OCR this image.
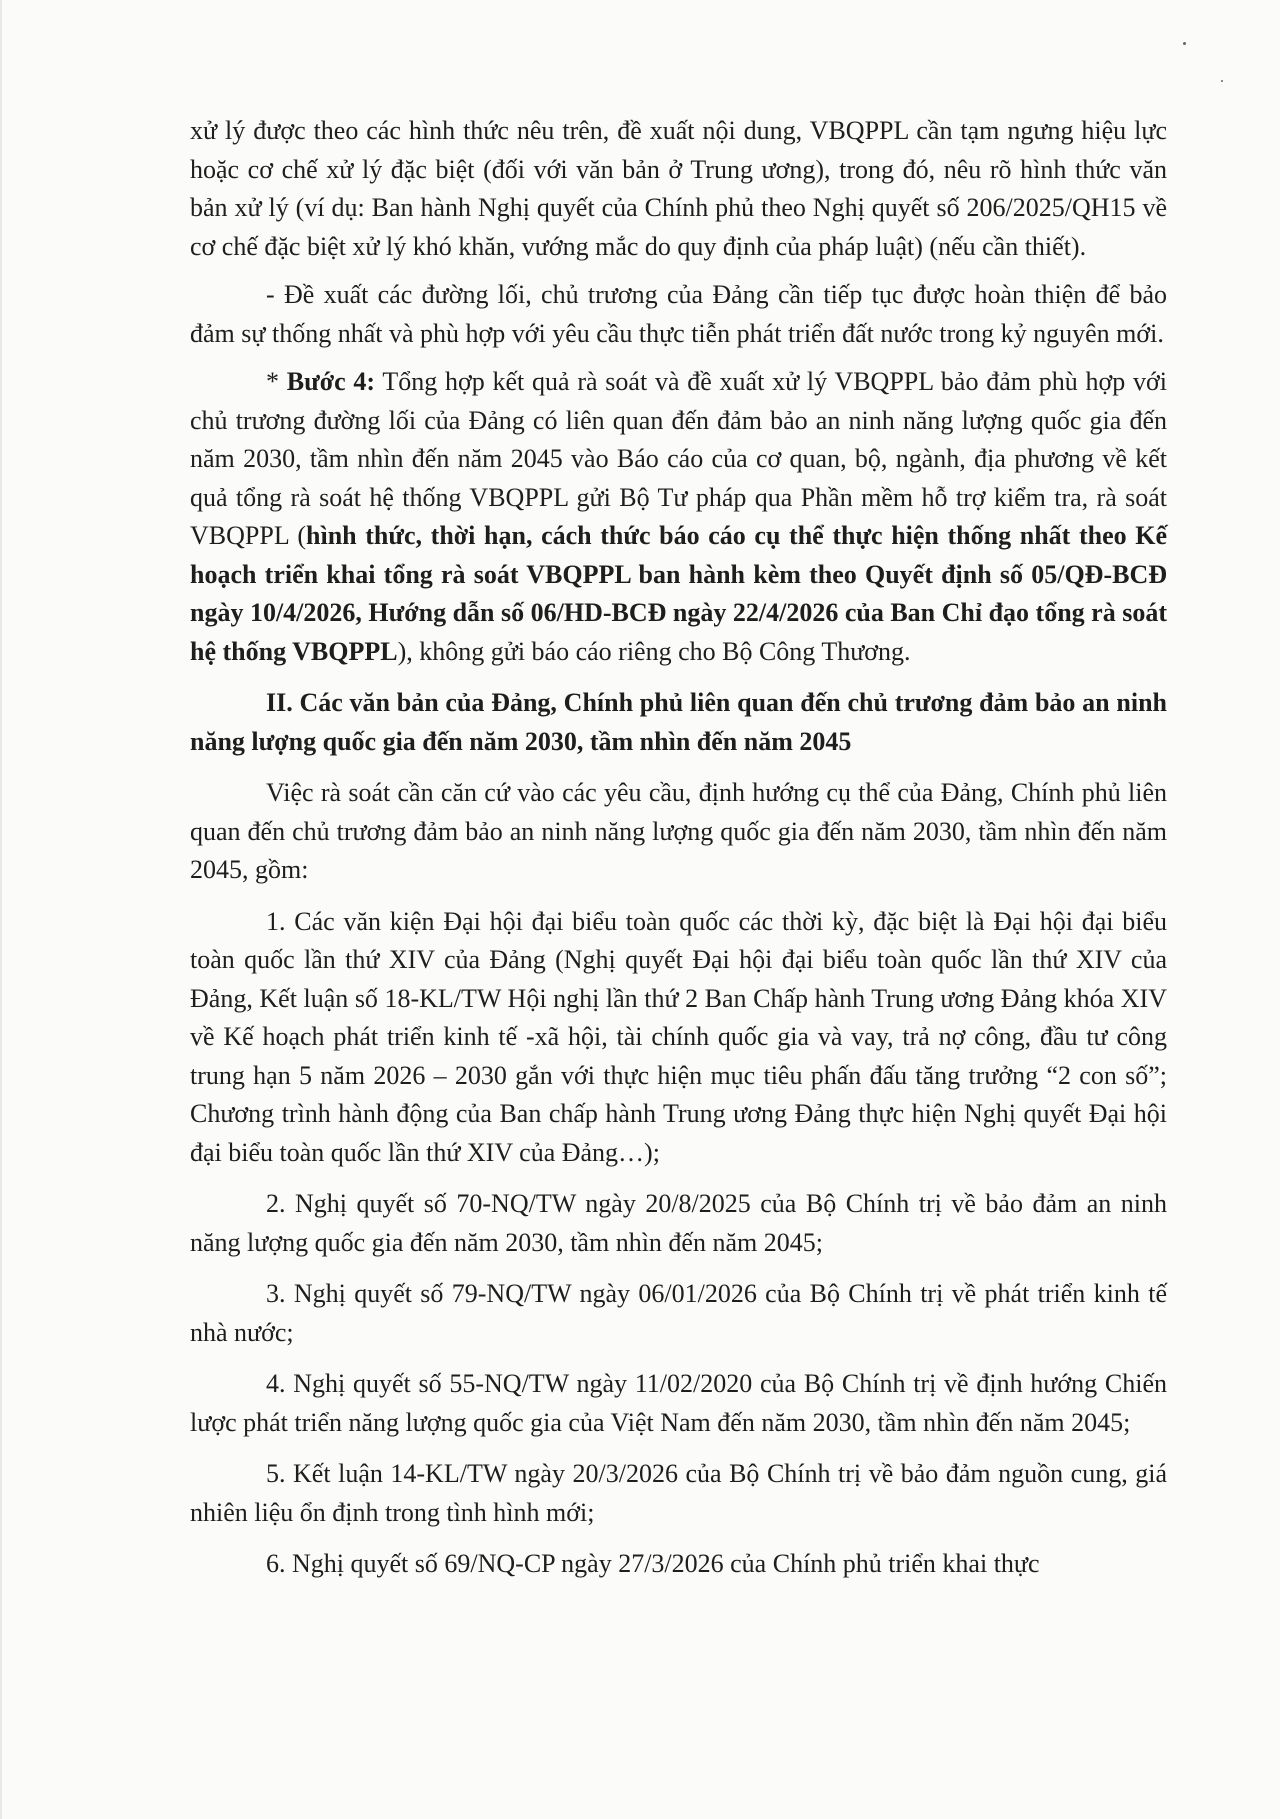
xử lý được theo các hình thức nêu trên, đề xuất nội dung, VBQPPL cần tạm ngưng hiệu lực hoặc cơ chế xử lý đặc biệt (đối với văn bản ở Trung ương), trong đó, nêu rõ hình thức văn bản xử lý (ví dụ: Ban hành Nghị quyết của Chính phủ theo Nghị quyết số 206/2025/QH15 về cơ chế đặc biệt xử lý khó khăn, vướng mắc do quy định của pháp luật) (nếu cần thiết).

- Đề xuất các đường lối, chủ trương của Đảng cần tiếp tục được hoàn thiện để bảo đảm sự thống nhất và phù hợp với yêu cầu thực tiễn phát triển đất nước trong kỷ nguyên mới.

* Bước 4: Tổng hợp kết quả rà soát và đề xuất xử lý VBQPPL bảo đảm phù hợp với chủ trương đường lối của Đảng có liên quan đến đảm bảo an ninh năng lượng quốc gia đến năm 2030, tầm nhìn đến năm 2045 vào Báo cáo của cơ quan, bộ, ngành, địa phương về kết quả tổng rà soát hệ thống VBQPPL gửi Bộ Tư pháp qua Phần mềm hỗ trợ kiểm tra, rà soát VBQPPL (hình thức, thời hạn, cách thức báo cáo cụ thể thực hiện thống nhất theo Kế hoạch triển khai tổng rà soát VBQPPL ban hành kèm theo Quyết định số 05/QĐ-BCĐ ngày 10/4/2026, Hướng dẫn số 06/HD-BCĐ ngày 22/4/2026 của Ban Chỉ đạo tổng rà soát hệ thống VBQPPL), không gửi báo cáo riêng cho Bộ Công Thương.

II. Các văn bản của Đảng, Chính phủ liên quan đến chủ trương đảm bảo an ninh năng lượng quốc gia đến năm 2030, tầm nhìn đến năm 2045

Việc rà soát cần căn cứ vào các yêu cầu, định hướng cụ thể của Đảng, Chính phủ liên quan đến chủ trương đảm bảo an ninh năng lượng quốc gia đến năm 2030, tầm nhìn đến năm 2045, gồm:

1. Các văn kiện Đại hội đại biểu toàn quốc các thời kỳ, đặc biệt là Đại hội đại biểu toàn quốc lần thứ XIV của Đảng (Nghị quyết Đại hội đại biểu toàn quốc lần thứ XIV của Đảng, Kết luận số 18-KL/TW Hội nghị lần thứ 2 Ban Chấp hành Trung ương Đảng khóa XIV về Kế hoạch phát triển kinh tế -xã hội, tài chính quốc gia và vay, trả nợ công, đầu tư công trung hạn 5 năm 2026 – 2030 gắn với thực hiện mục tiêu phấn đấu tăng trưởng “2 con số”; Chương trình hành động của Ban chấp hành Trung ương Đảng thực hiện Nghị quyết Đại hội đại biểu toàn quốc lần thứ XIV của Đảng…);

2. Nghị quyết số 70-NQ/TW ngày 20/8/2025 của Bộ Chính trị về bảo đảm an ninh năng lượng quốc gia đến năm 2030, tầm nhìn đến năm 2045;

3. Nghị quyết số 79-NQ/TW ngày 06/01/2026 của Bộ Chính trị về phát triển kinh tế nhà nước;

4. Nghị quyết số 55-NQ/TW ngày 11/02/2020 của Bộ Chính trị về định hướng Chiến lược phát triển năng lượng quốc gia của Việt Nam đến năm 2030, tầm nhìn đến năm 2045;

5. Kết luận 14-KL/TW ngày 20/3/2026 của Bộ Chính trị về bảo đảm nguồn cung, giá nhiên liệu ổn định trong tình hình mới;

6. Nghị quyết số 69/NQ-CP ngày 27/3/2026 của Chính phủ triển khai thực
